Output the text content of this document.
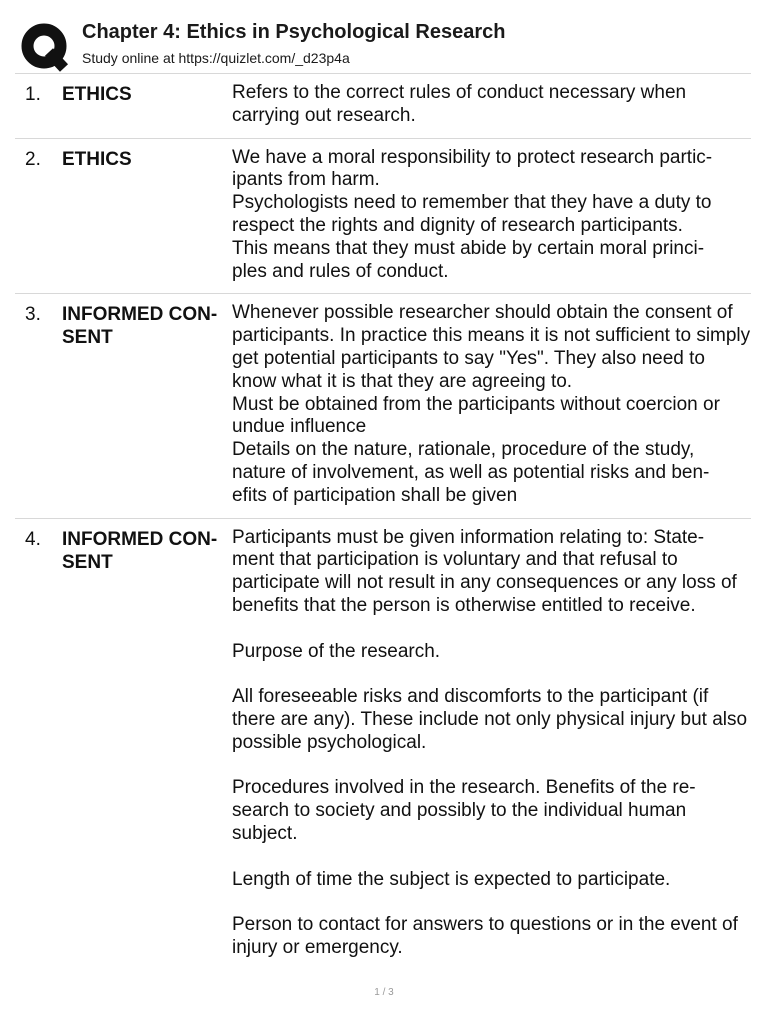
Chapter 4: Ethics in Psychological Research
Study online at https://quizlet.com/_d23p4a
1. ETHICS	Refers to the correct rules of conduct necessary when carrying out research.
2. ETHICS	We have a moral responsibility to protect research partic-
ipants from harm.
Psychologists need to remember that they have a duty to respect the rights and dignity of research participants.
This means that they must abide by certain moral princi-
ples and rules of conduct.
3. INFORMED CON-
SENT
Whenever possible researcher should obtain the consent of participants. In practice this means it is not sufficient to simply get potential participants to say "Yes". They also need to know what it is that they are agreeing to.
Must be obtained from the participants without coercion or undue influence
Details on the nature, rationale, procedure of the study, nature of involvement, as well as potential risks and ben-
efits of participation shall be given
4. INFORMED CON-
SENT
Participants must be given information relating to: State-
ment that participation is voluntary and that refusal to participate will not result in any consequences or any loss of benefits that the person is otherwise entitled to receive.

Purpose of the research.

All foreseeable risks and discomforts to the participant (if there are any). These include not only physical injury but also possible psychological.

Procedures involved in the research. Benefits of the re-
search to society and possibly to the individual human subject.

Length of time the subject is expected to participate.

Person to contact for answers to questions or in the event of injury or emergency.
1 / 3
